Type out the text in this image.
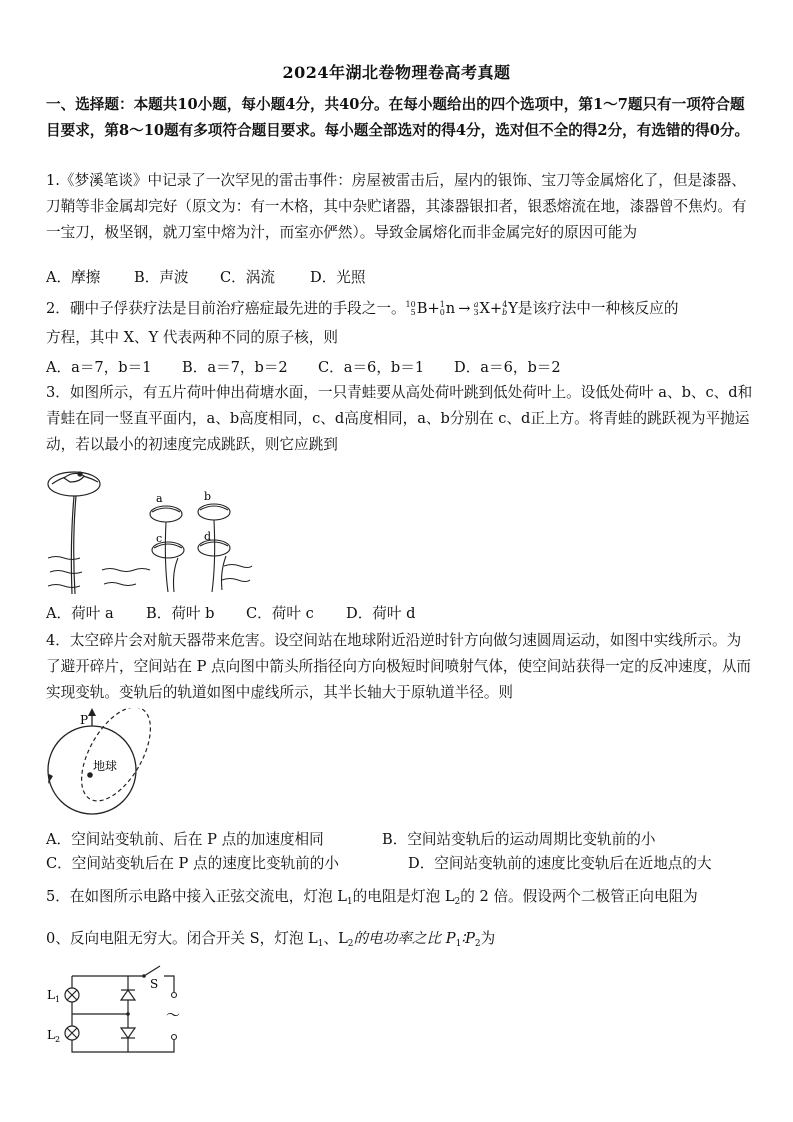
2024年湖北卷物理卷高考真题
一、选择题：本题共10小题，每小题4分，共40分。在每小题给出的四个选项中，第1～7题只有一项符合题目要求，第8～10题有多项符合题目要求。每小题全部选对的得4分，选对但不全的得2分，有选错的得0分。
1.《梦溪笔谈》中记录了一次罕见的雷击事件：房屋被雷击后，屋内的银饰、宝刀等金属熔化了，但是漆器、刀鞘等非金属却完好（原文为：有一木格，其中杂贮诸器，其漆器银扣者，银悉熔流在地，漆器曾不焦灼。有一宝刀，极坚钢，就刀室中熔为汁，而室亦俨然）。导致金属熔化而非金属完好的原因可能为
A．摩擦 B．声波 C．涡流 D．光照
2．硼中子俘获疗法是目前治疗癌症最先进的手段之一。 10
5 B+ 1
0 n → a
3 X+ 4
b Y是该疗法中一种核反应的
方程，其中 X、Y 代表两种不同的原子核，则
A．a＝7，b＝1 B．a＝7，b＝2 C．a＝6，b＝1 D．a＝6，b＝2
3．如图所示，有五片荷叶伸出荷塘水面，一只青蛙要从高处荷叶跳到低处荷叶上。设低处荷叶 a、b、c、d和青蛙在同一竖直平面内，a、b高度相同，c、d高度相同，a、b分别在 c、d正上方。将青蛙的跳跃视为平抛运动，若以最小的初速度完成跳跃，则它应跳到
a	b
c	d
A．荷叶 a B．荷叶 b C．荷叶 c D．荷叶 d
4．太空碎片会对航天器带来危害。设空间站在地球附近沿逆时针方向做匀速圆周运动，如图中实线所示。为了避开碎片，空间站在 P 点向图中箭头所指径向方向极短时间喷射气体，使空间站获得一定的反冲速度，从而实现变轨。变轨后的轨道如图中虚线所示，其半长轴大于原轨道半径。则
P
地球
A．空间站变轨前、后在 P 点的加速度相同	B．空间站变轨后的运动周期比变轨前的小
C．空间站变轨后在 P 点的速度比变轨前的小	D．空间站变轨前的速度比变轨后在近地点的大
5．在如图所示电路中接入正弦交流电，灯泡 $L_1$的电阻是灯泡 $L_2$的 2 倍。假设两个二极管正向电阻为
0、反向电阻无穷大。闭合开关 S，灯泡 $L_1$、$L_2$的电功率之比 $P_1∶P_2$为
～
S
L 1
L 2
